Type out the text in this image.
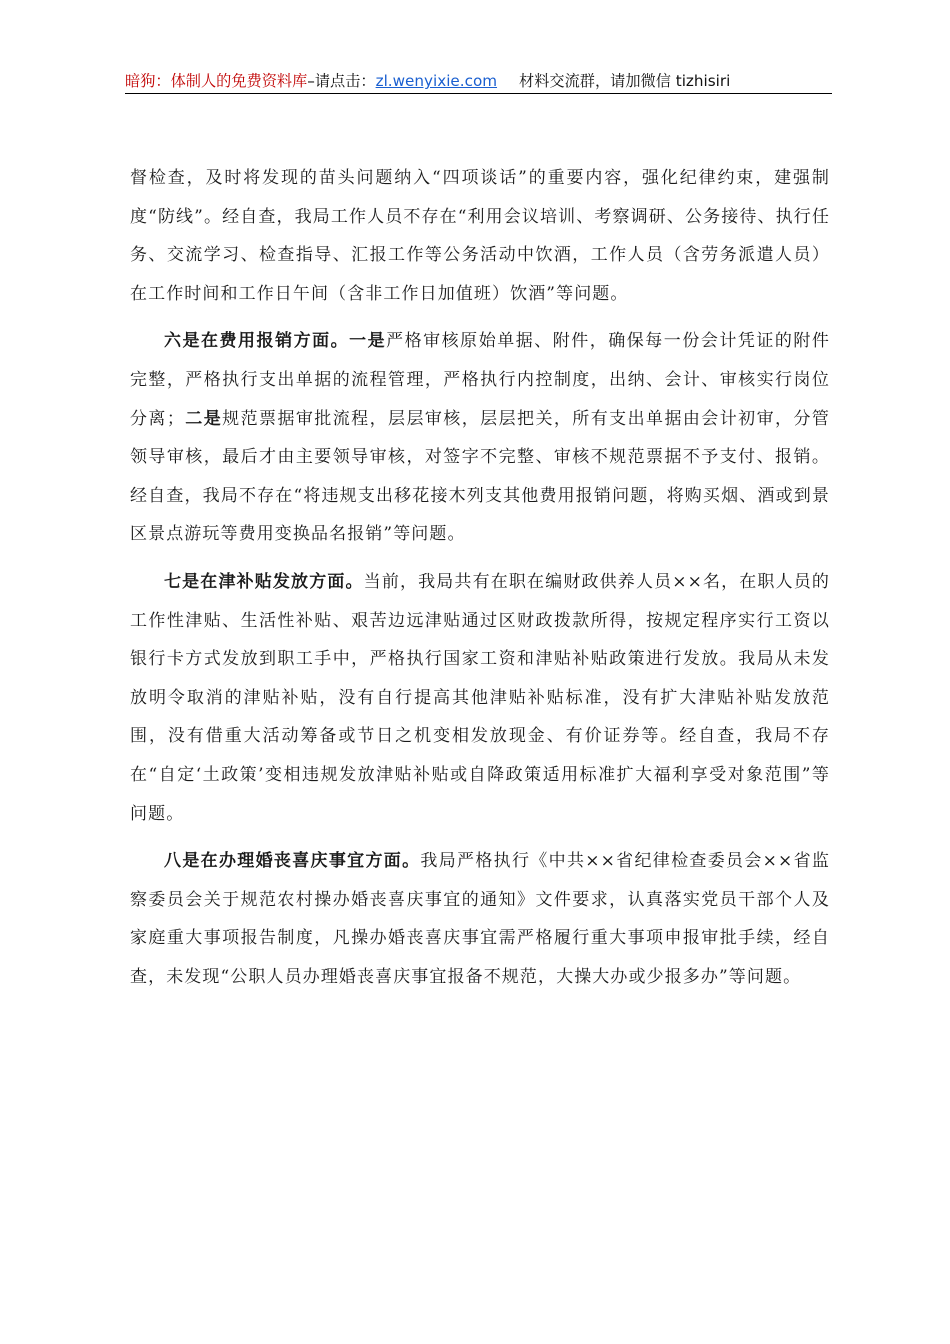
暗狗：体制人的免费资料库–请点击：zl.wenyixie.com 材料交流群，请加微信 tizhisiri

督检查，及时将发现的苗头问题纳入“四项谈话”的重要内容，强化纪律约束，建强制度“防线”。经自查，我局工作人员不存在“利用会议培训、考察调研、公务接待、执行任务、交流学习、检查指导、汇报工作等公务活动中饮酒，工作人员（含劳务派遣人员）在工作时间和工作日午间（含非工作日加值班）饮酒”等问题。

六是在费用报销方面。一是严格审核原始单据、附件，确保每一份会计凭证的附件完整，严格执行支出单据的流程管理，严格执行内控制度，出纳、会计、审核实行岗位分离；二是规范票据审批流程，层层审核，层层把关，所有支出单据由会计初审，分管领导审核，最后才由主要领导审核，对签字不完整、审核不规范票据不予支付、报销。经自查，我局不存在“将违规支出移花接木列支其他费用报销问题，将购买烟、酒或到景区景点游玩等费用变换品名报销”等问题。

七是在津补贴发放方面。当前，我局共有在职在编财政供养人员××名，在职人员的工作性津贴、生活性补贴、艰苦边远津贴通过区财政拨款所得，按规定程序实行工资以银行卡方式发放到职工手中，严格执行国家工资和津贴补贴政策进行发放。我局从未发放明令取消的津贴补贴，没有自行提高其他津贴补贴标准，没有扩大津贴补贴发放范围，没有借重大活动筹备或节日之机变相发放现金、有价证券等。经自查，我局不存在“自定‘土政策’变相违规发放津贴补贴或自降政策适用标准扩大福利享受对象范围”等问题。

八是在办理婚丧喜庆事宜方面。我局严格执行《中共××省纪律检查委员会××省监察委员会关于规范农村操办婚丧喜庆事宜的通知》文件要求，认真落实党员干部个人及家庭重大事项报告制度，凡操办婚丧喜庆事宜需严格履行重大事项申报审批手续，经自查，未发现“公职人员办理婚丧喜庆事宜报备不规范，大操大办或少报多办”等问题。
